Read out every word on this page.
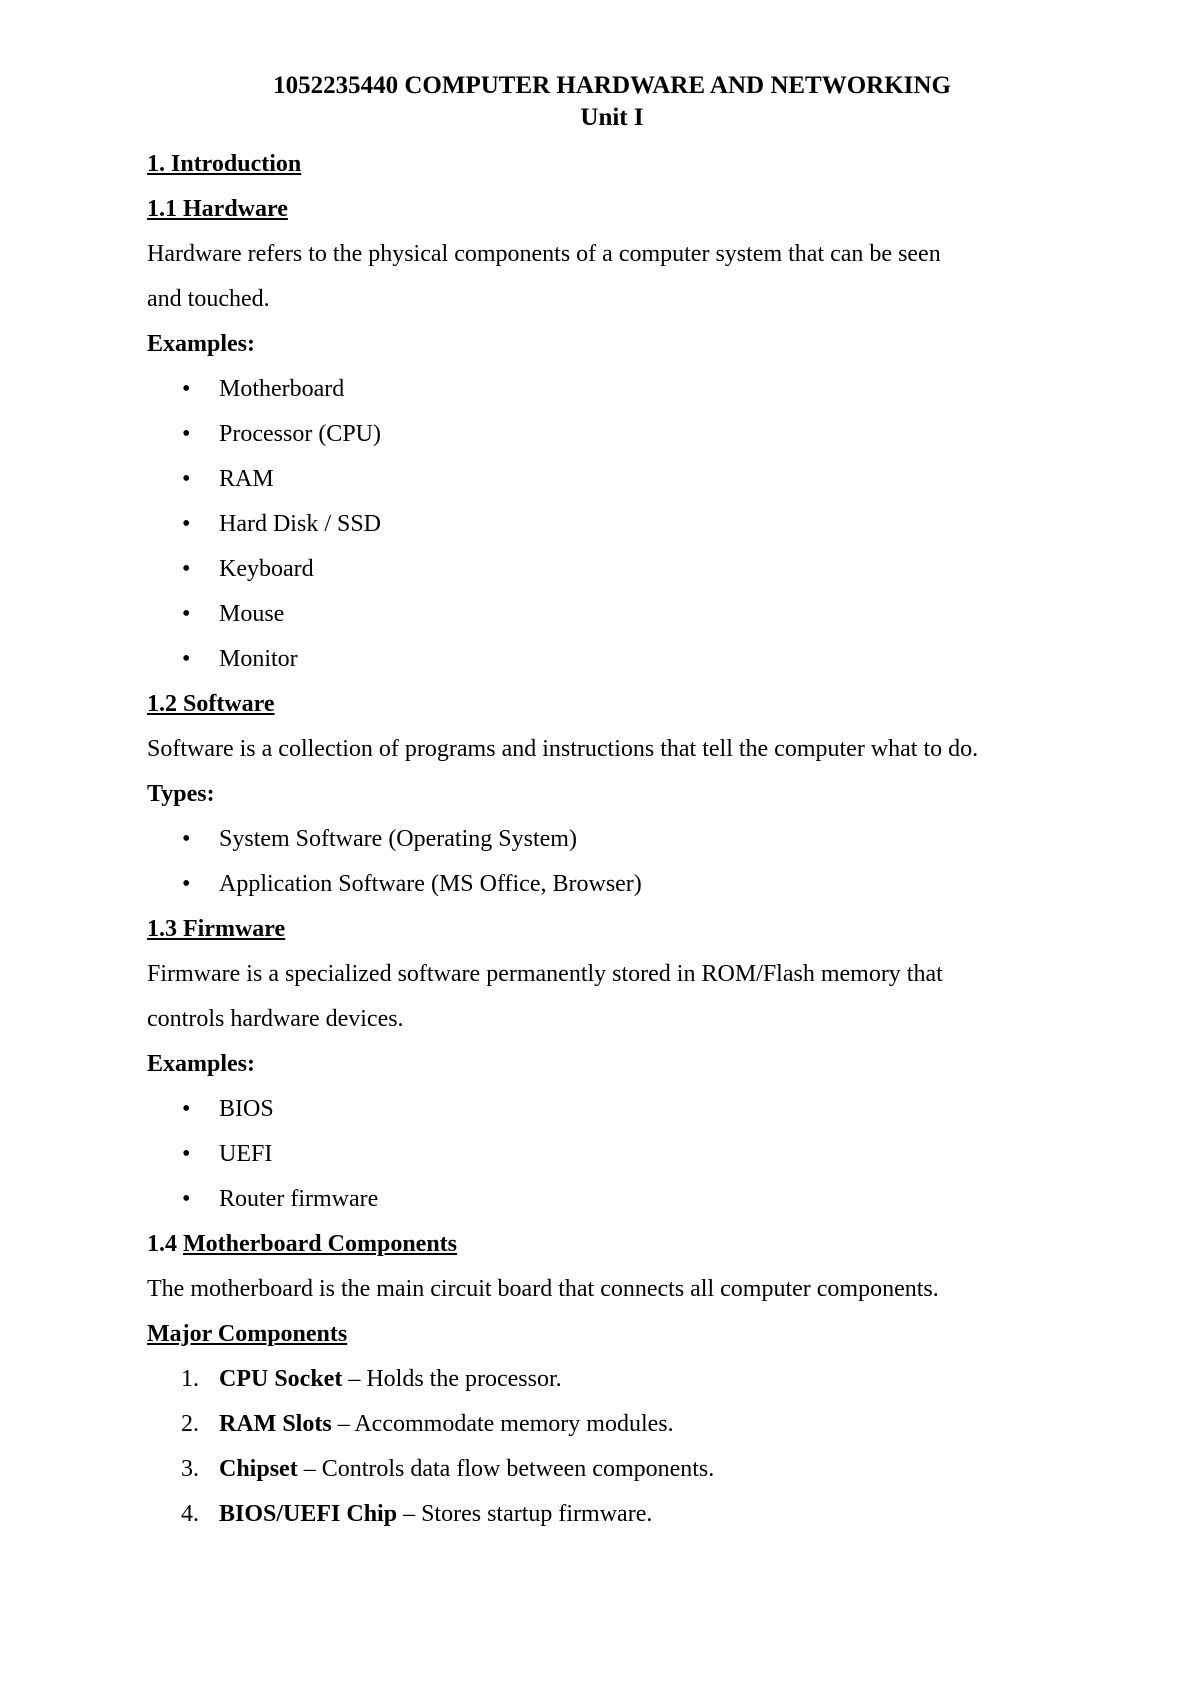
1052235440 COMPUTER HARDWARE AND NETWORKING
Unit I
1. Introduction
1.1 Hardware
Hardware refers to the physical components of a computer system that can be seen
and touched.
Examples:
• Motherboard
• Processor (CPU)
• RAM
• Hard Disk / SSD
• Keyboard
• Mouse
• Monitor
1.2 Software
Software is a collection of programs and instructions that tell the computer what to do.
Types:
• System Software (Operating System)
• Application Software (MS Office, Browser)
1.3 Firmware
Firmware is a specialized software permanently stored in ROM/Flash memory that
controls hardware devices.
Examples:
• BIOS
• UEFI
• Router firmware
1.4 Motherboard Components
The motherboard is the main circuit board that connects all computer components.
Major Components
1. CPU Socket – Holds the processor.
2. RAM Slots – Accommodate memory modules.
3. Chipset – Controls data flow between components.
4. BIOS/UEFI Chip – Stores startup firmware.
